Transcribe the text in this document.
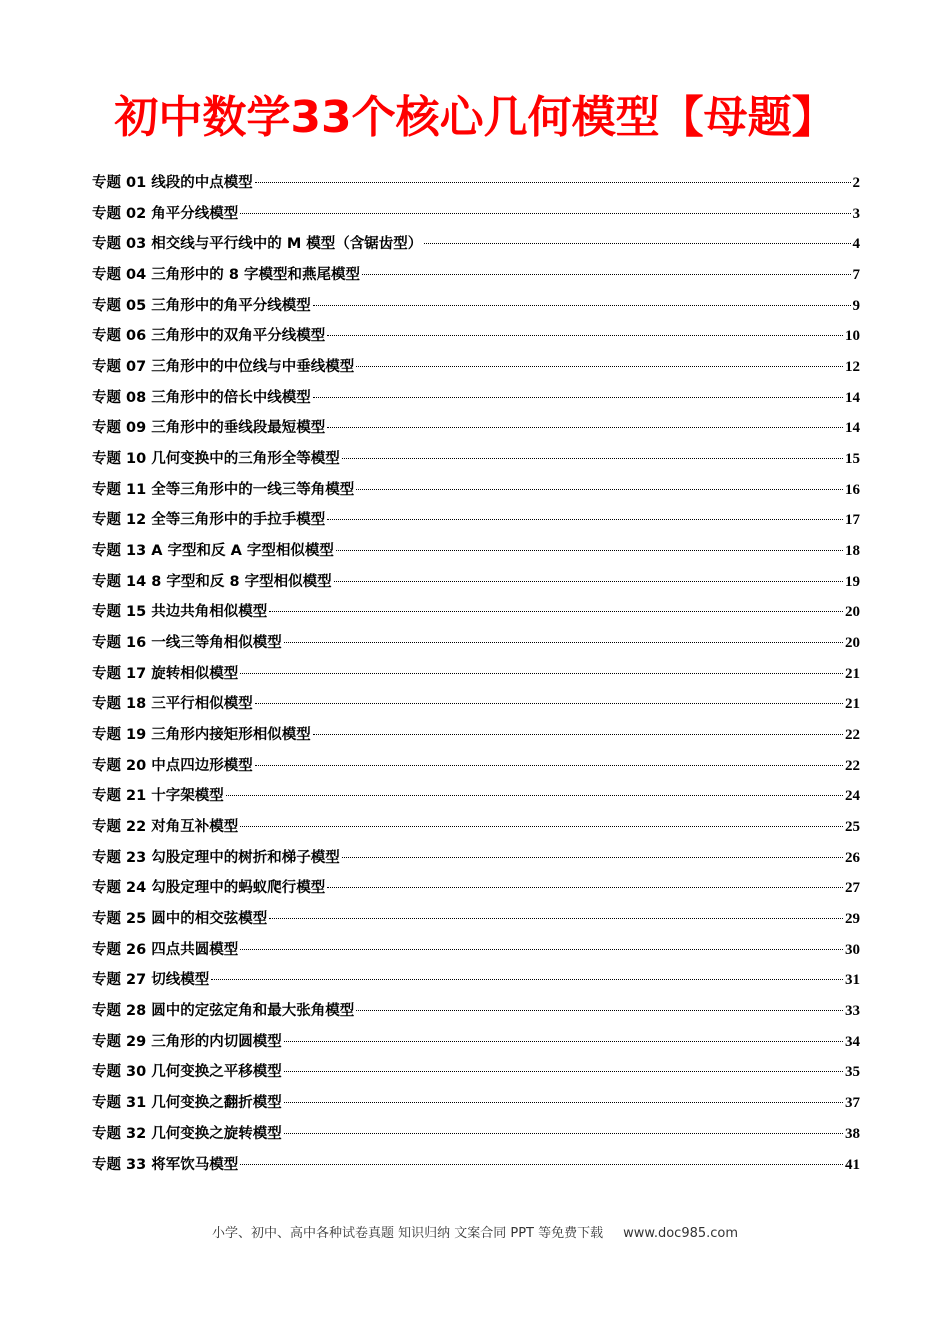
初中数学33个核心几何模型【母题】
专题 01 线段的中点模型	2
专题 02 角平分线模型	3
专题 03 相交线与平行线中的 M 模型（含锯齿型）	4
专题 04 三角形中的 8 字模型和燕尾模型	7
专题 05 三角形中的角平分线模型	9
专题 06 三角形中的双角平分线模型	10
专题 07 三角形中的中位线与中垂线模型	12
专题 08 三角形中的倍长中线模型	14
专题 09 三角形中的垂线段最短模型	14
专题 10 几何变换中的三角形全等模型	15
专题 11 全等三角形中的一线三等角模型	16
专题 12 全等三角形中的手拉手模型	17
专题 13 A 字型和反 A 字型相似模型	18
专题 14 8 字型和反 8 字型相似模型	19
专题 15 共边共角相似模型	20
专题 16 一线三等角相似模型	20
专题 17 旋转相似模型	21
专题 18 三平行相似模型	21
专题 19 三角形内接矩形相似模型	22
专题 20 中点四边形模型	22
专题 21 十字架模型	24
专题 22 对角互补模型	25
专题 23 勾股定理中的树折和梯子模型	26
专题 24 勾股定理中的蚂蚁爬行模型	27
专题 25 圆中的相交弦模型	29
专题 26 四点共圆模型	30
专题 27 切线模型	31
专题 28 圆中的定弦定角和最大张角模型	33
专题 29 三角形的内切圆模型	34
专题 30 几何变换之平移模型	35
专题 31 几何变换之翻折模型	37
专题 32 几何变换之旋转模型	38
专题 33 将军饮马模型	41
小学、初中、高中各种试卷真题 知识归纳 文案合同 PPT 等免费下载 www.doc985.com
